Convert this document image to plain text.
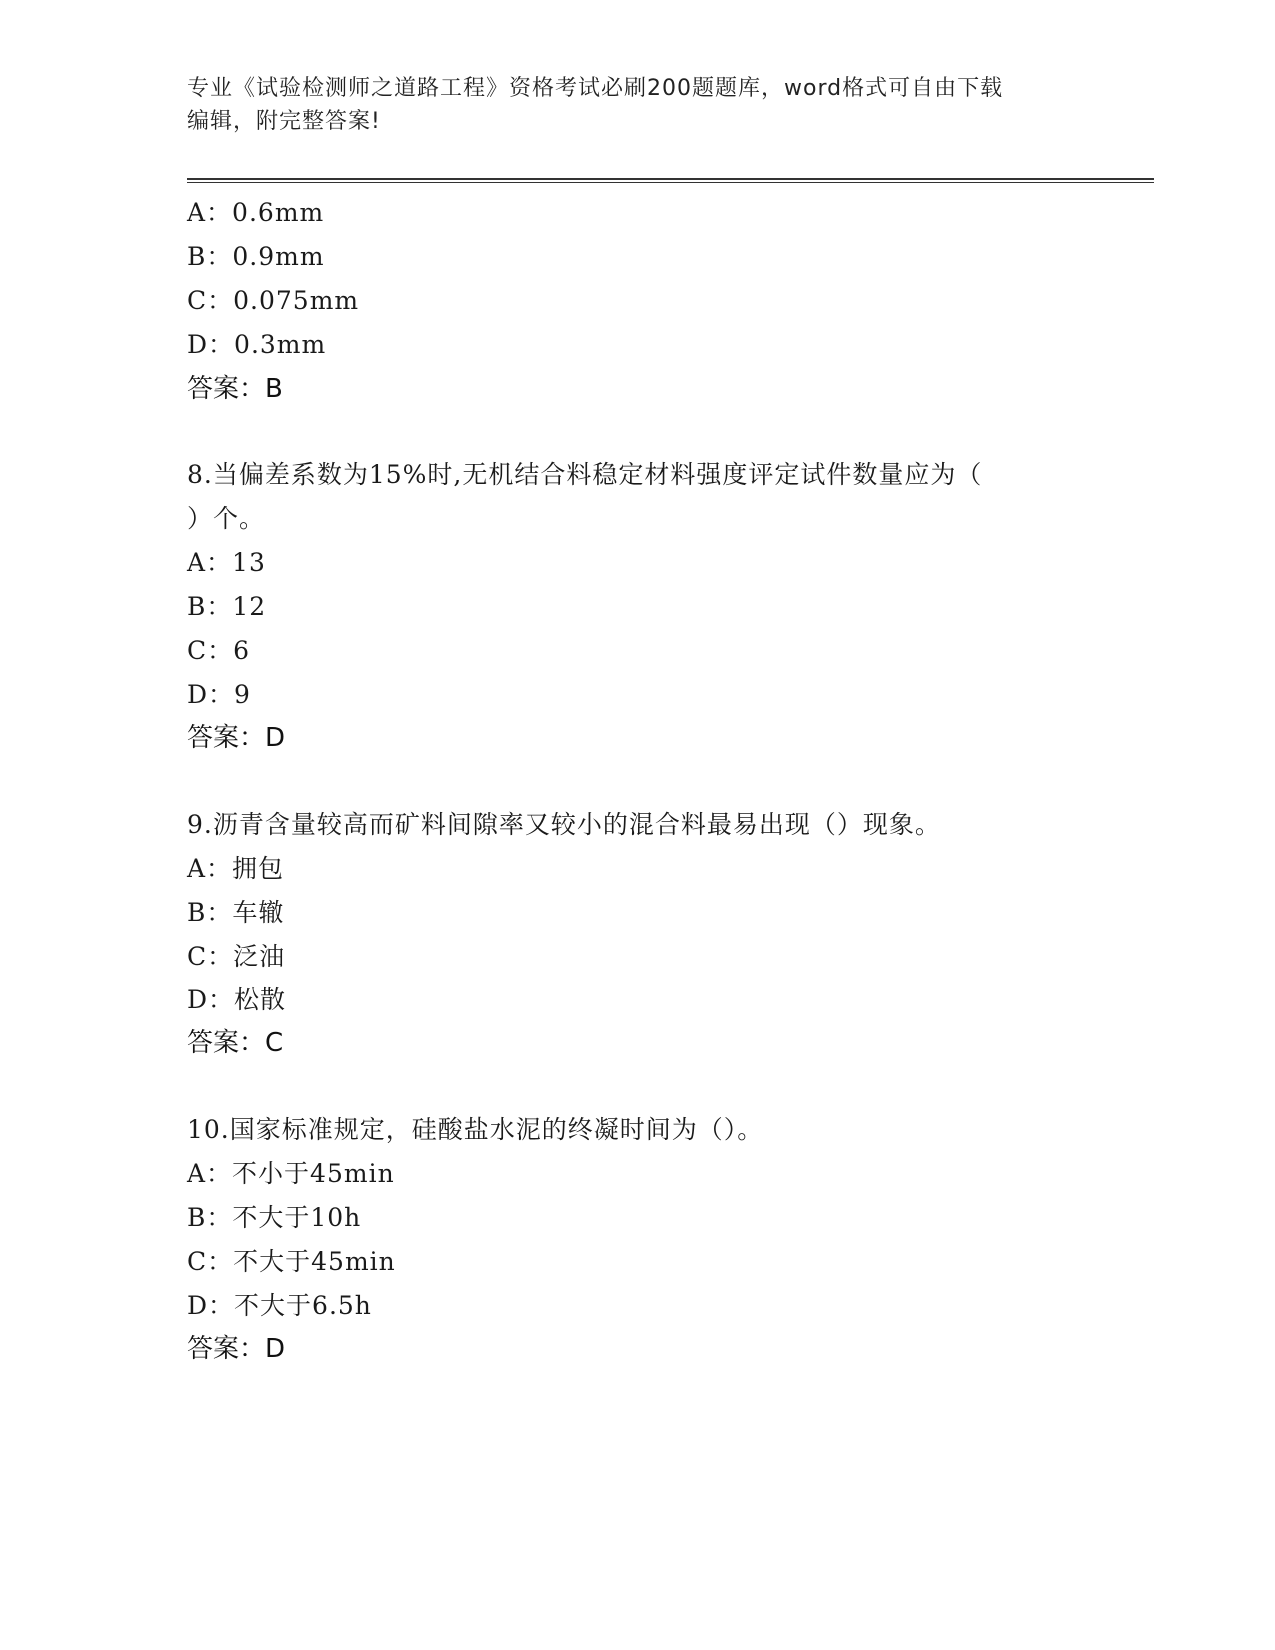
专业《试验检测师之道路工程》资格考试必刷200题题库，word格式可自由下载
编辑，附完整答案!
A：0.6mm
B：0.9mm
C：0.075mm
D：0.3mm
答案：B
8.当偏差系数为15%时,无机结合料稳定材料强度评定试件数量应为（
）个。
A：13
B：12
C：6
D：9
答案：D
9.沥青含量较高而矿料间隙率又较小的混合料最易出现（）现象。
A：拥包
B：车辙
C：泛油
D：松散
答案：C
10.国家标准规定，硅酸盐水泥的终凝时间为（）。
A：不小于45min
B：不大于10h
C：不大于45min
D：不大于6.5h
答案：D
